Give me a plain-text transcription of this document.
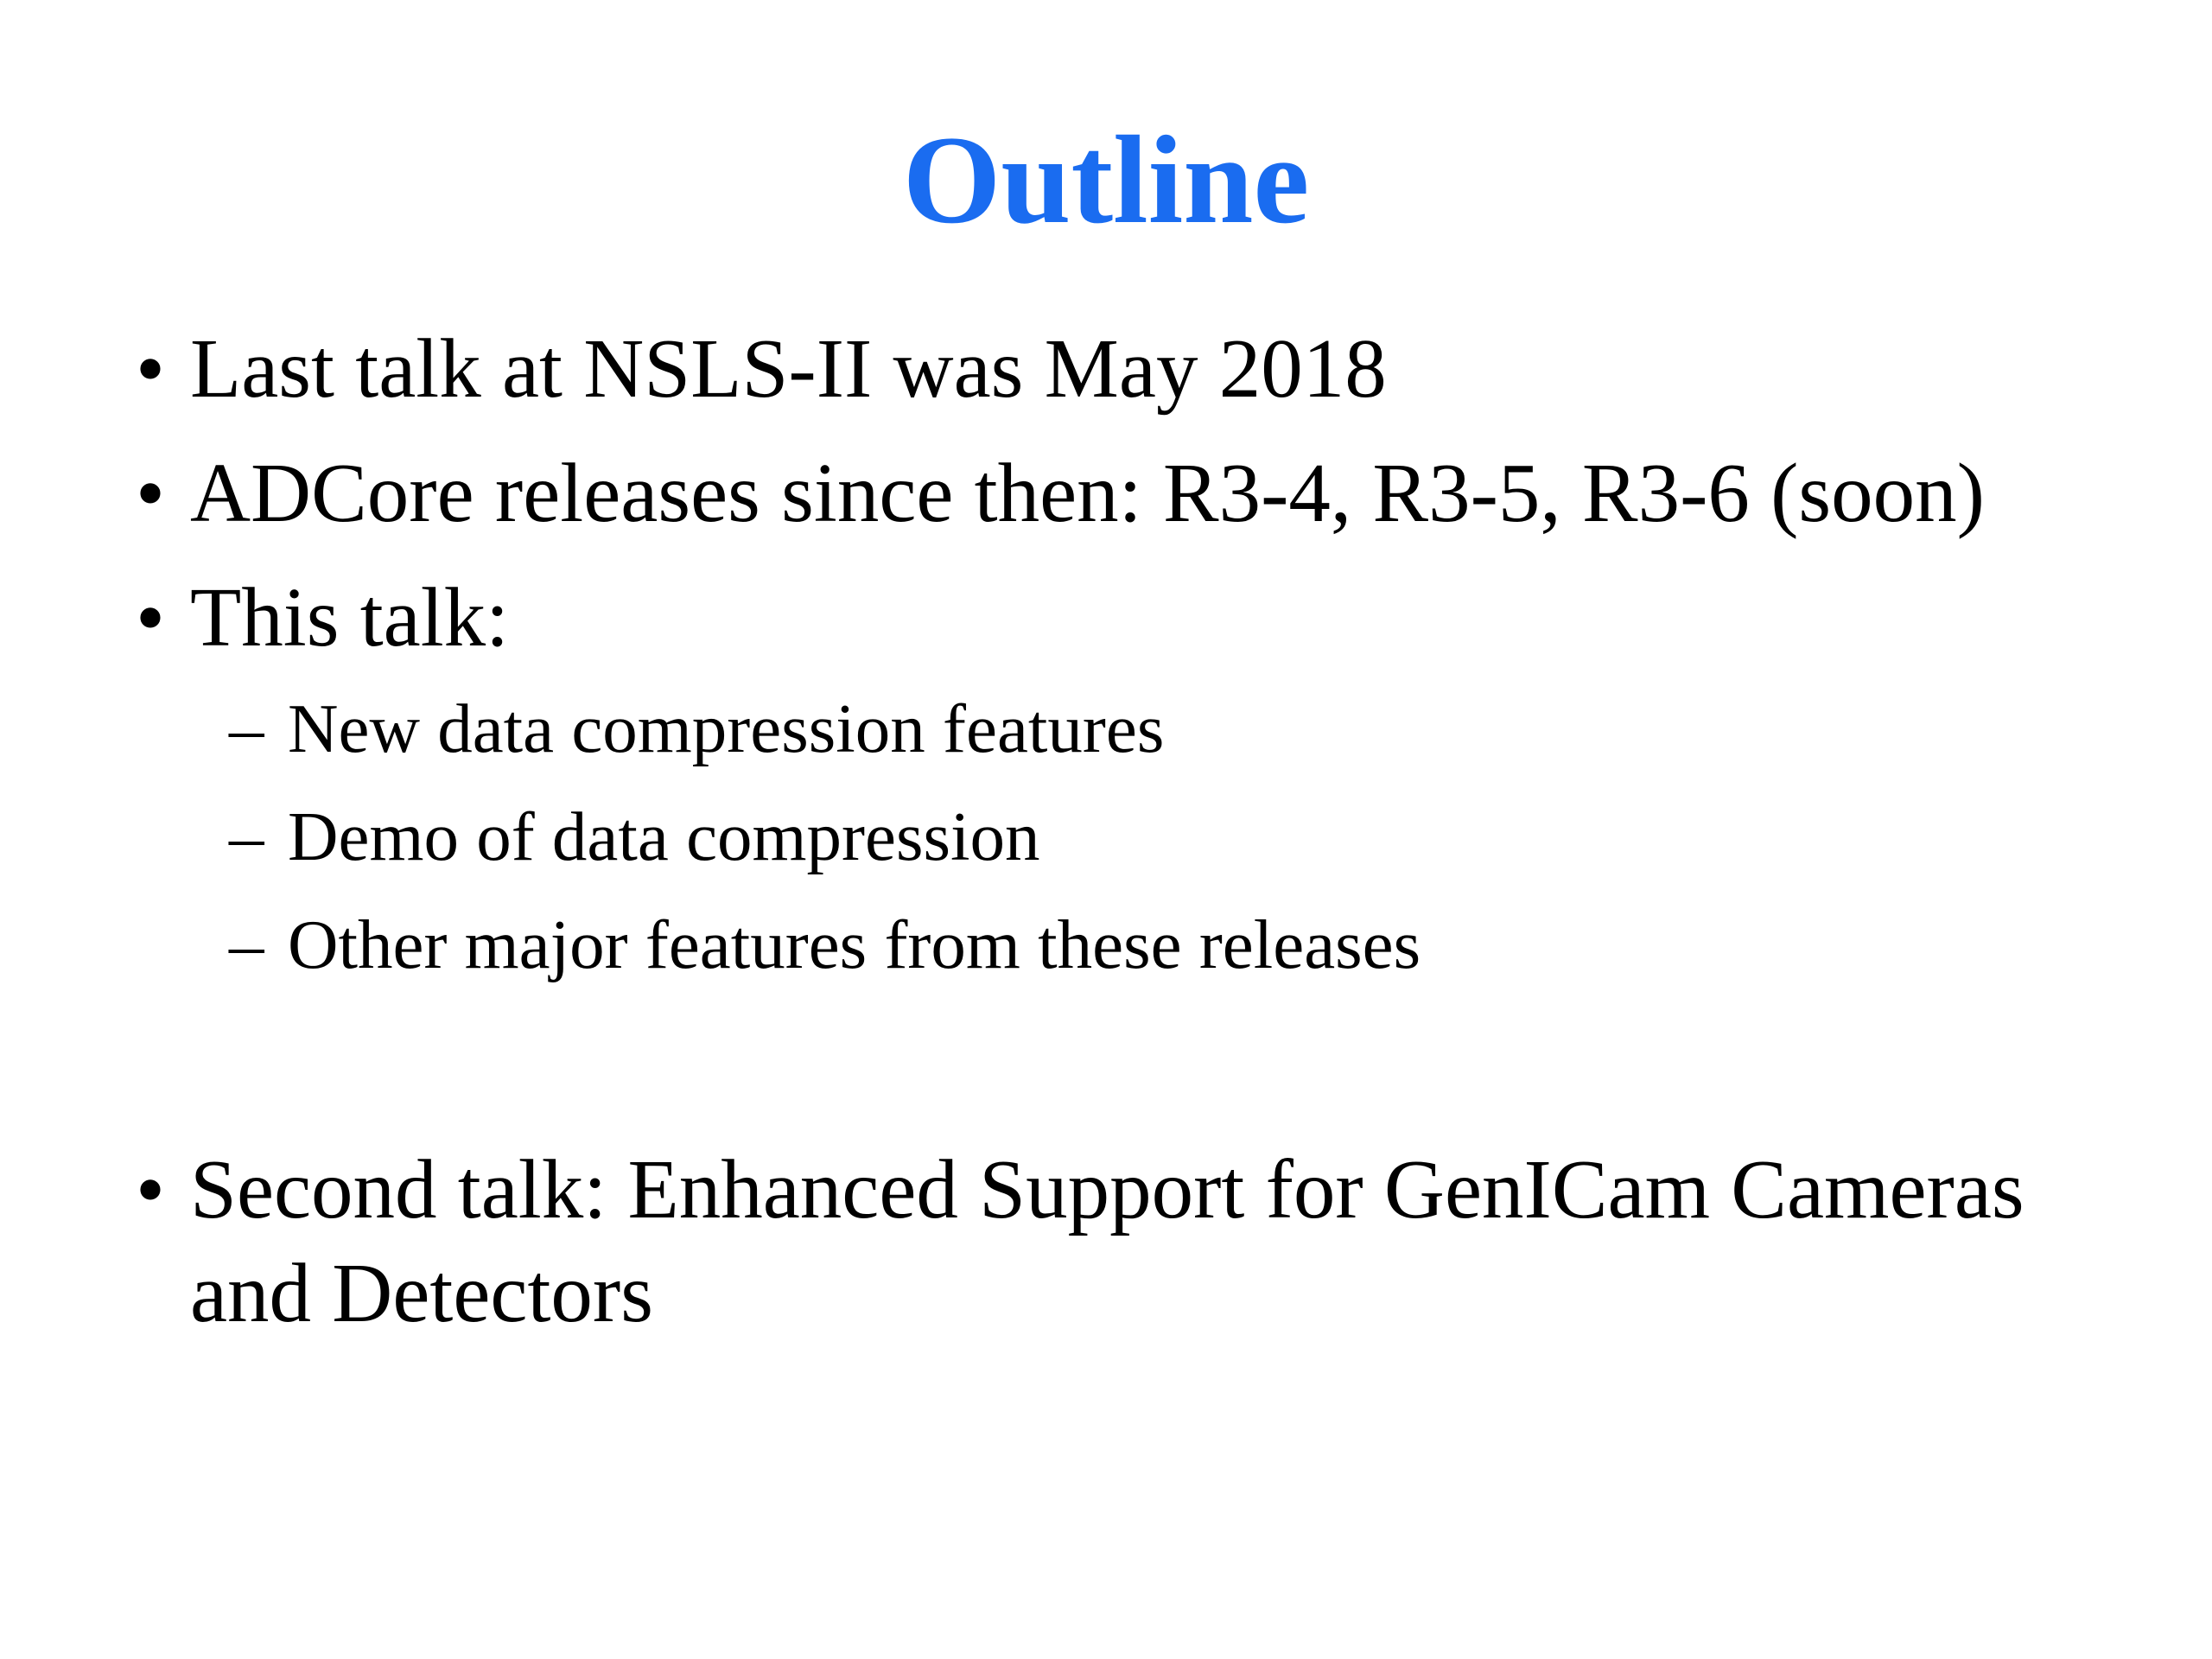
Outline
• Last talk at NSLS-II was May 2018
• ADCore releases since then: R3-4, R3-5, R3-6 (soon)
• This talk:
– New data compression features
– Demo of data compression
– Other major features from these releases
• Second talk: Enhanced Support for GenICam Cameras
and Detectors
